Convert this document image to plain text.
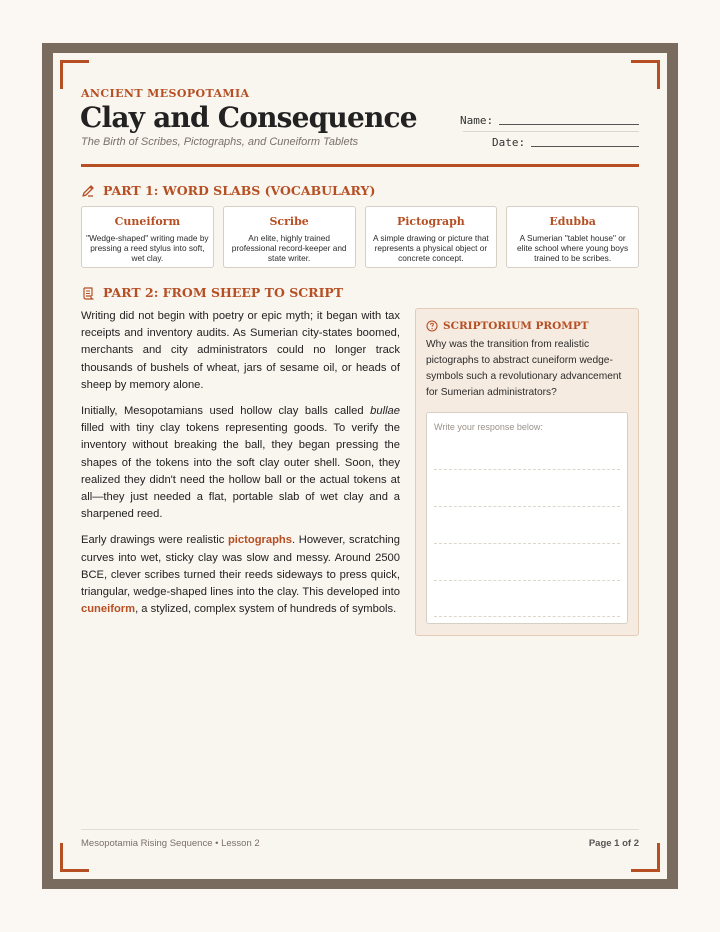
ANCIENT MESOPOTAMIA
Clay and Consequence
The Birth of Scribes, Pictographs, and Cuneiform Tablets
Name:
Date:
PART 1: WORD SLABS (VOCABULARY)
Cuneiform
"Wedge-shaped" writing made by pressing a reed stylus into soft, wet clay.
Scribe
An elite, highly trained professional record-keeper and state writer.
Pictograph
A simple drawing or picture that represents a physical object or concrete concept.
Edubba
A Sumerian "tablet house" or elite school where young boys trained to be scribes.
PART 2: FROM SHEEP TO SCRIPT

Writing did not begin with poetry or epic myth; it began with tax receipts and inventory audits. As Sumerian city-states boomed, merchants and city administrators could no longer track thousands of bushels of wheat, jars of sesame oil, or heads of sheep by memory alone.

Initially, Mesopotamians used hollow clay balls called bullae filled with tiny clay tokens representing goods. To verify the inventory without breaking the ball, they began pressing the shapes of the tokens into the soft clay outer shell. Soon, they realized they didn't need the hollow ball or the actual tokens at all—they just needed a flat, portable slab of wet clay and a sharpened reed.

Early drawings were realistic pictographs. However, scratching curves into wet, sticky clay was slow and messy. Around 2500 BCE, clever scribes turned their reeds sideways to press quick, triangular, wedge-shaped lines into the clay. This developed into cuneiform, a stylized, complex system of hundreds of symbols.

SCRIPTORIUM PROMPT
Why was the transition from realistic pictographs to abstract cuneiform wedge-symbols such a revolutionary advancement for Sumerian administrators?
Write your response below:
Mesopotamia Rising Sequence • Lesson 2	Page 1 of 2
